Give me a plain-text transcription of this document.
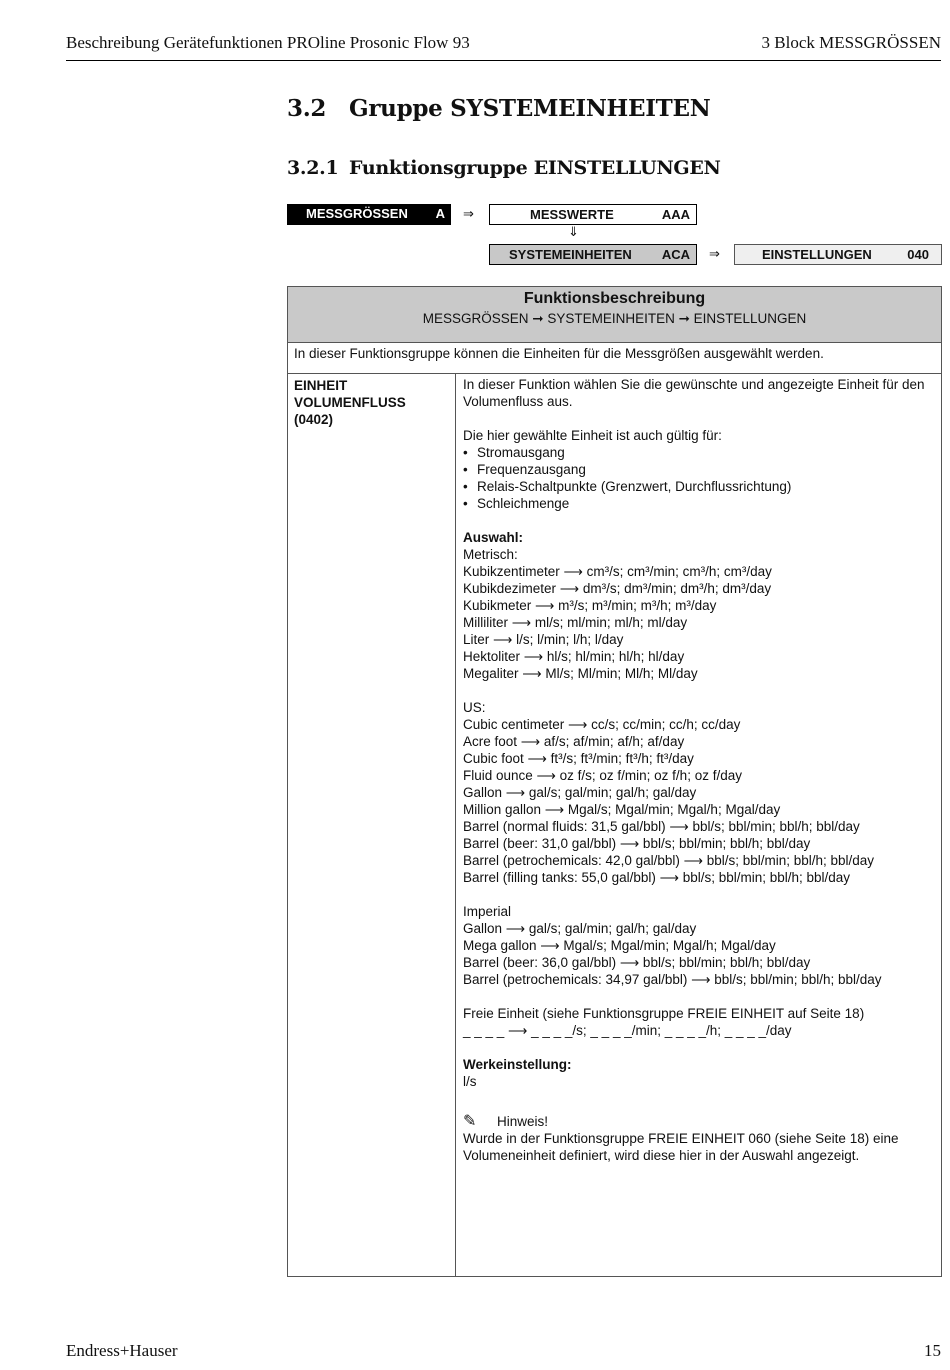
Beschreibung Gerätefunktionen PROline Prosonic Flow 93	3 Block MESSGRÖSSEN
3.2 Gruppe SYSTEMEINHEITEN
3.2.1 Funktionsgruppe EINSTELLUNGEN
MESSGRÖSSEN A ⇒	MESSWERTE	AAA
⇓
SYSTEMEINHEITEN ACA ⇒	EINSTELLUNGEN	040
Funktionsbeschreibung
MESSGRÖSSEN ➞ SYSTEMEINHEITEN ➞ EINSTELLUNGEN
In dieser Funktionsgruppe können die Einheiten für die Messgrößen ausgewählt werden.
EINHEIT
VOLUMENFLUSS
(0402)
In dieser Funktion wählen Sie die gewünschte und angezeigte Einheit für den Volumenfluss aus.
Die hier gewählte Einheit ist auch gültig für:
• Stromausgang
• Frequenzausgang
• Relais-Schaltpunkte (Grenzwert, Durchflussrichtung)
• Schleichmenge
Auswahl:
Metrisch:
Kubikzentimeter ⟶ cm³/s; cm³/min; cm³/h; cm³/day
Kubikdezimeter ⟶ dm³/s; dm³/min; dm³/h; dm³/day
Kubikmeter ⟶ m³/s; m³/min; m³/h; m³/day
Milliliter ⟶ ml/s; ml/min; ml/h; ml/day
Liter ⟶ l/s; l/min; l/h; l/day
Hektoliter ⟶ hl/s; hl/min; hl/h; hl/day
Megaliter ⟶ Ml/s; Ml/min; Ml/h; Ml/day
US:
Cubic centimeter ⟶ cc/s; cc/min; cc/h; cc/day
Acre foot ⟶ af/s; af/min; af/h; af/day
Cubic foot ⟶ ft³/s; ft³/min; ft³/h; ft³/day
Fluid ounce ⟶ oz f/s; oz f/min; oz f/h; oz f/day
Gallon ⟶ gal/s; gal/min; gal/h; gal/day
Million gallon ⟶ Mgal/s; Mgal/min; Mgal/h; Mgal/day
Barrel (normal fluids: 31,5 gal/bbl) ⟶ bbl/s; bbl/min; bbl/h; bbl/day
Barrel (beer: 31,0 gal/bbl) ⟶ bbl/s; bbl/min; bbl/h; bbl/day
Barrel (petrochemicals: 42,0 gal/bbl) ⟶ bbl/s; bbl/min; bbl/h; bbl/day
Barrel (filling tanks: 55,0 gal/bbl) ⟶ bbl/s; bbl/min; bbl/h; bbl/day
Imperial
Gallon ⟶ gal/s; gal/min; gal/h; gal/day
Mega gallon ⟶ Mgal/s; Mgal/min; Mgal/h; Mgal/day
Barrel (beer: 36,0 gal/bbl) ⟶ bbl/s; bbl/min; bbl/h; bbl/day
Barrel (petrochemicals: 34,97 gal/bbl) ⟶ bbl/s; bbl/min; bbl/h; bbl/day
Freie Einheit (siehe Funktionsgruppe FREIE EINHEIT auf Seite 18)
_ _ _ _ ⟶ _ _ _ _/s; _ _ _ _/min; _ _ _ _/h; _ _ _ _/day
Werkeinstellung:
l/s
✎ Hinweis!
Wurde in der Funktionsgruppe FREIE EINHEIT 060 (siehe Seite 18) eine Volumeneinheit definiert, wird diese hier in der Auswahl angezeigt.
Endress+Hauser	15
